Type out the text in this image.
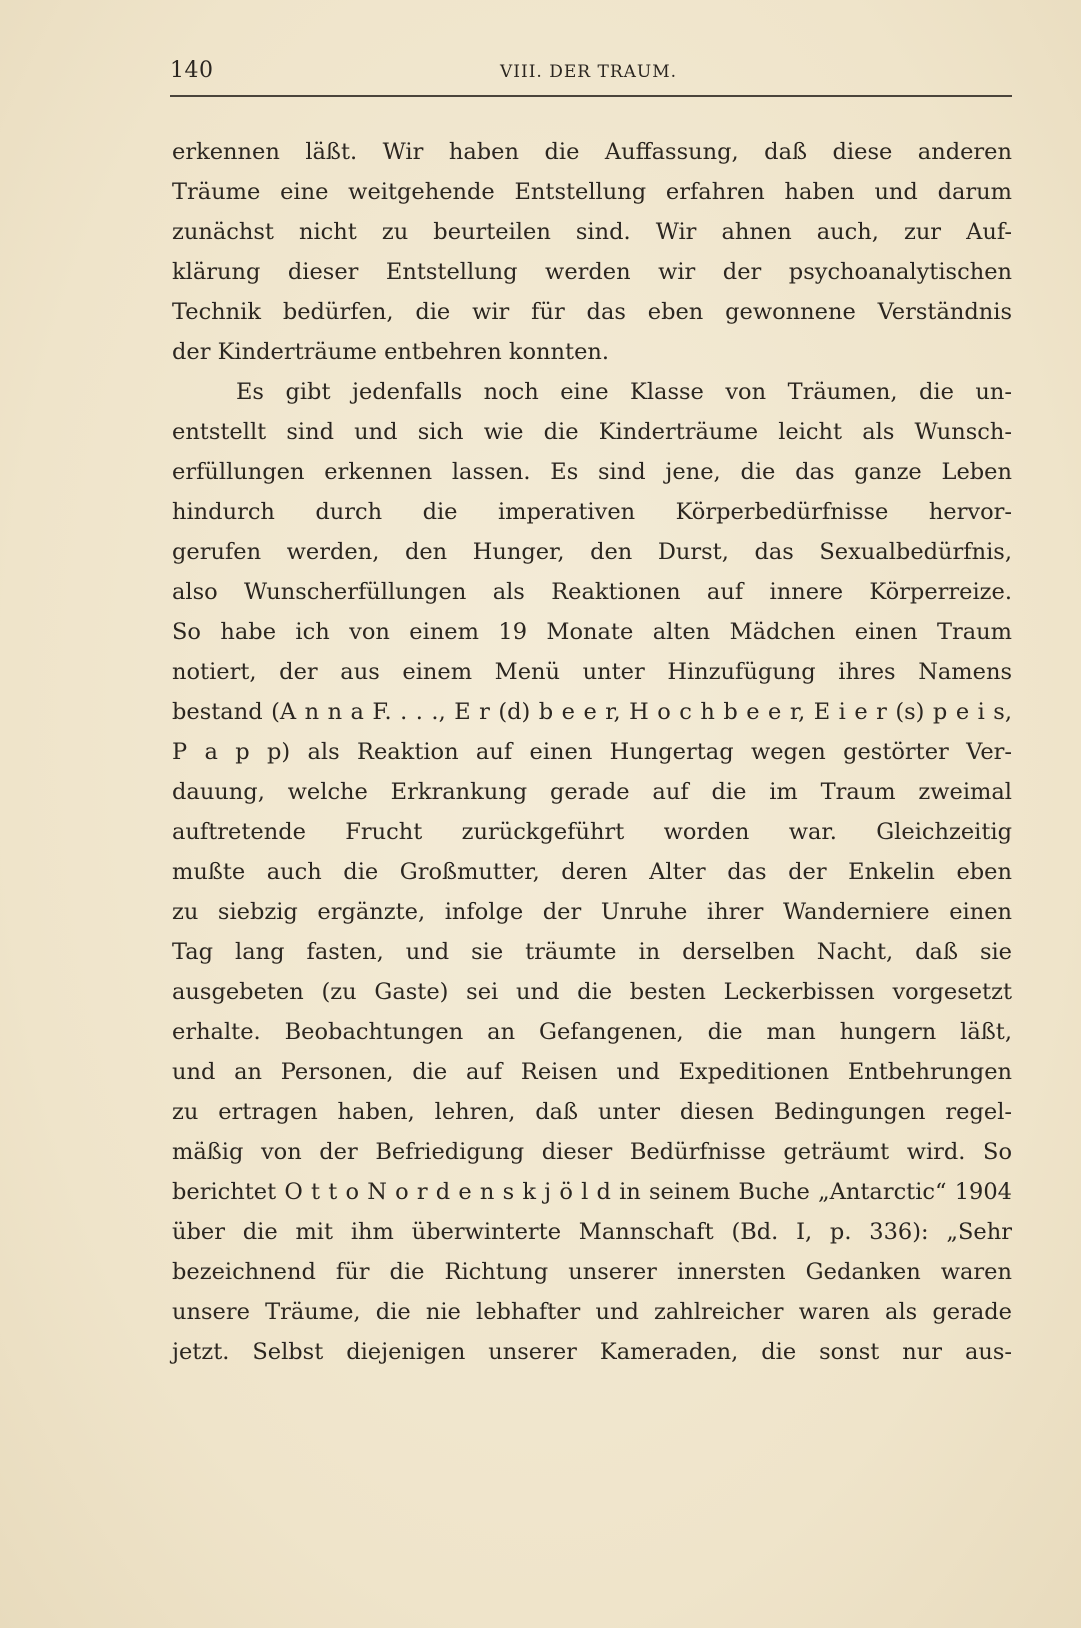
140	VIII. DER TRAUM.
erkennen läßt. Wir haben die Auffassung, daß diese anderen
Träume eine weitgehende Entstellung erfahren haben und darum
zunächst nicht zu beurteilen sind. Wir ahnen auch, zur Auf-
klärung dieser Entstellung werden wir der psychoanalytischen
Technik bedürfen, die wir für das eben gewonnene Verständnis
der Kinderträume entbehren konnten.
Es gibt jedenfalls noch eine Klasse von Träumen, die un-
entstellt sind und sich wie die Kinderträume leicht als Wunsch-
erfüllungen erkennen lassen. Es sind jene, die das ganze Leben
hindurch durch die imperativen Körperbedürfnisse hervor-
gerufen werden, den Hunger, den Durst, das Sexualbedürfnis,
also Wunscherfüllungen als Reaktionen auf innere Körperreize.
So habe ich von einem 19 Monate alten Mädchen einen Traum
notiert, der aus einem Menü unter Hinzufügung ihres Namens
bestand (A n n a F. . . ., E r (d) b e e r, H o c h b e e r, E i e r (s) p e i s,
P a p p) als Reaktion auf einen Hungertag wegen gestörter Ver-
dauung, welche Erkrankung gerade auf die im Traum zweimal
auftretende Frucht zurückgeführt worden war. Gleichzeitig
mußte auch die Großmutter, deren Alter das der Enkelin eben
zu siebzig ergänzte, infolge der Unruhe ihrer Wanderniere einen
Tag lang fasten, und sie träumte in derselben Nacht, daß sie
ausgebeten (zu Gaste) sei und die besten Leckerbissen vorgesetzt
erhalte. Beobachtungen an Gefangenen, die man hungern läßt,
und an Personen, die auf Reisen und Expeditionen Entbehrungen
zu ertragen haben, lehren, daß unter diesen Bedingungen regel-
mäßig von der Befriedigung dieser Bedürfnisse geträumt wird. So
berichtet O t t o N o r d e n s k j ö l d in seinem Buche „Antarctic“ 1904
über die mit ihm überwinterte Mannschaft (Bd. I, p. 336): „Sehr
bezeichnend für die Richtung unserer innersten Gedanken waren
unsere Träume, die nie lebhafter und zahlreicher waren als gerade
jetzt. Selbst diejenigen unserer Kameraden, die sonst nur aus-
